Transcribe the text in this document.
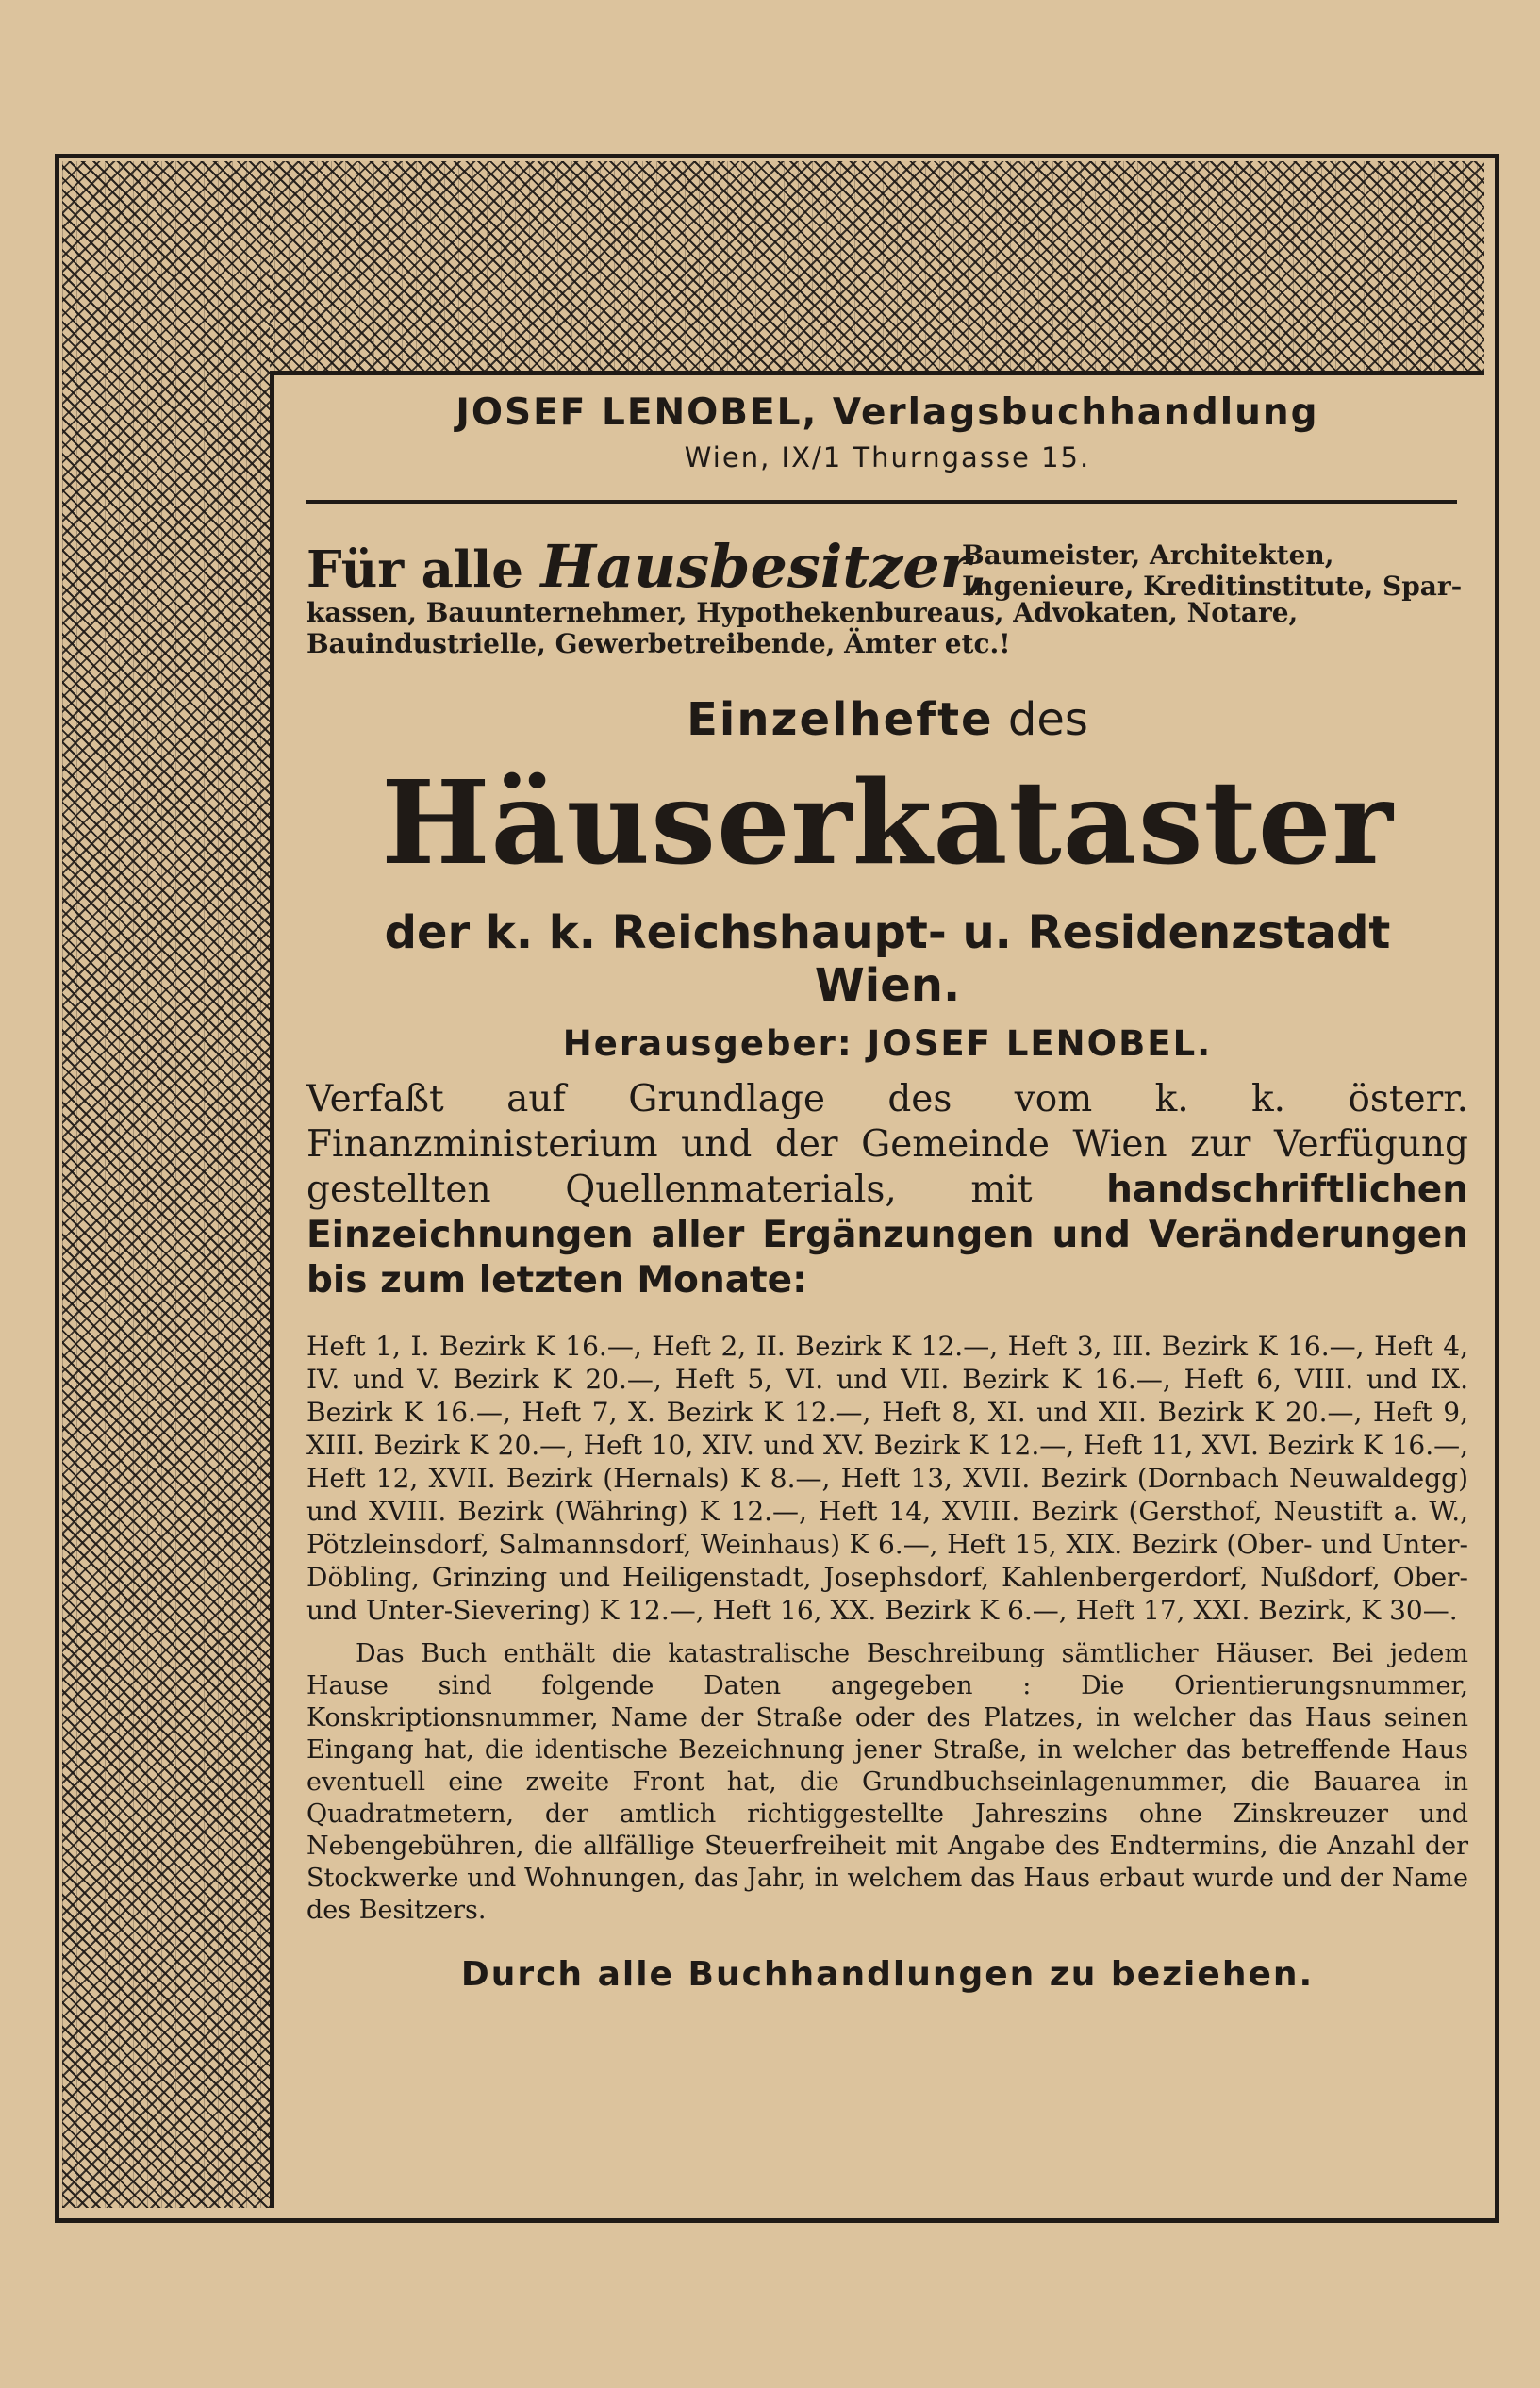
JOSEF LENOBEL, Verlagsbuchhandlung

Wien, IX/1 Thurngasse 15.

Für alle Hausbesitzer,
Baumeister, Architekten, Ingenieure, Kreditinstitute, Spar-
kassen, Bauunternehmer, Hypothekenbureaus, Advokaten, Notare, Bauindustrielle, Gewerbetreibende, Ämter etc.!
Einzelhefte des
Häuserkataster
der k. k. Reichshaupt- u. Residenzstadt Wien.
Herausgeber: JOSEF LENOBEL.
Verfaßt auf Grundlage des vom k. k. österr. Finanzministerium und der Gemeinde Wien zur Verfügung gestellten Quellenmaterials, mit handschriftlichen Einzeichnungen aller Ergänzungen und Veränderungen bis zum letzten Monate:
Heft 1, I. Bezirk K 16.—, Heft 2, II. Bezirk K 12.—, Heft 3, III. Bezirk K 16.—, Heft 4, IV. und V. Bezirk K 20.—, Heft 5, VI. und VII. Bezirk K 16.—, Heft 6, VIII. und IX. Bezirk K 16.—, Heft 7, X. Bezirk K 12.—, Heft 8, XI. und XII. Bezirk K 20.—, Heft 9, XIII. Bezirk K 20.—, Heft 10, XIV. und XV. Bezirk K 12.—, Heft 11, XVI. Bezirk K 16.—, Heft 12, XVII. Bezirk (Hernals) K 8.—, Heft 13, XVII. Bezirk (Dornbach Neuwaldegg) und XVIII. Bezirk (Währing) K 12.—, Heft 14, XVIII. Bezirk (Gersthof, Neustift a. W., Pötzleinsdorf, Salmannsdorf, Weinhaus) K 6.—, Heft 15, XIX. Bezirk (Ober- und Unter-Döbling, Grinzing und Heiligenstadt, Josephsdorf, Kahlenbergerdorf, Nußdorf, Ober- und Unter-Sievering) K 12.—, Heft 16, XX. Bezirk K 6.—, Heft 17, XXI. Bezirk, K 30—.
Das Buch enthält die katastralische Beschreibung sämtlicher Häuser. Bei jedem Hause sind folgende Daten angegeben : Die Orientierungsnummer, Konskriptionsnummer, Name der Straße oder des Platzes, in welcher das Haus seinen Eingang hat, die identische Bezeichnung jener Straße, in welcher das betreffende Haus eventuell eine zweite Front hat, die Grundbuchseinlagenummer, die Bauarea in Quadratmetern, der amtlich richtiggestellte Jahreszins ohne Zinskreuzer und Nebengebühren, die allfällige Steuerfreiheit mit Angabe des Endtermins, die Anzahl der Stockwerke und Wohnungen, das Jahr, in welchem das Haus erbaut wurde und der Name des Besitzers.
Durch alle Buchhandlungen zu beziehen.
